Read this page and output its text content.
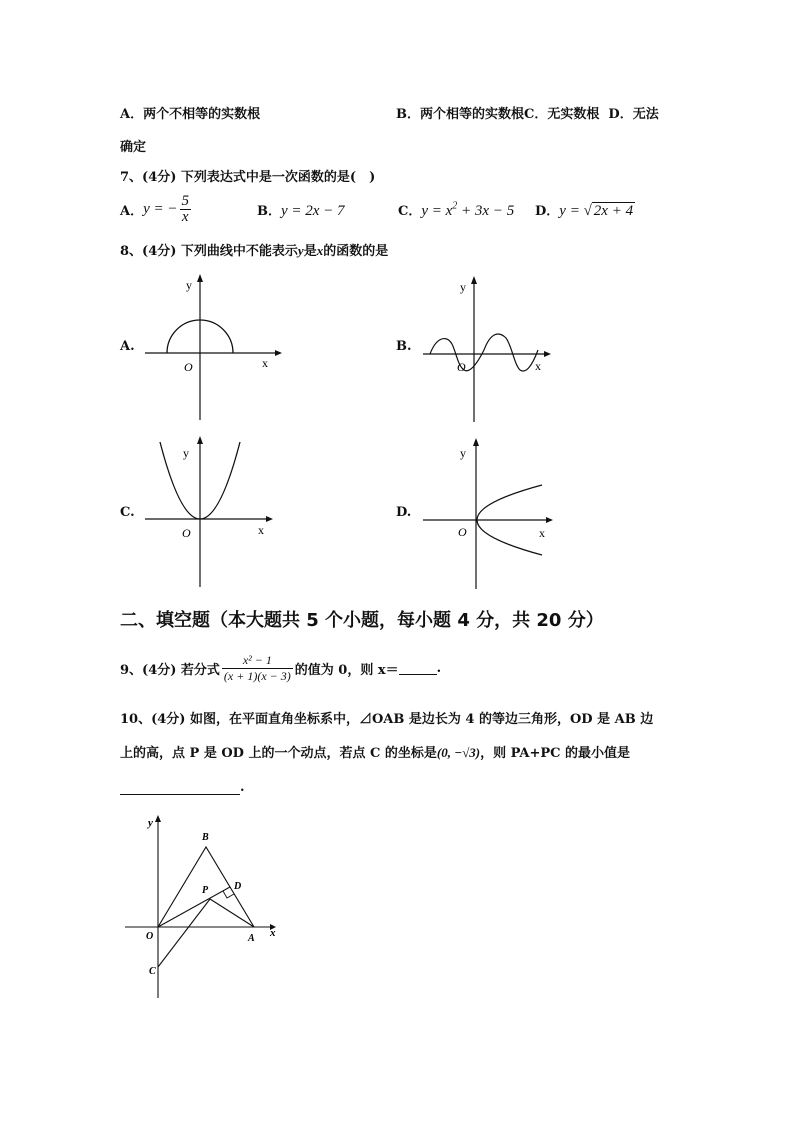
A．两个不相等的实数根	B．两个相等的实数根C．无实数根 D．无法
确定
7、(4分) 下列表达式中是一次函数的是(　)
A． y = − $\frac{5}{x}$	B．y = 2x − 7	C．$y = x^2 + 3x - 5$ D．y = √ 2x + 4
8、(4分) 下列曲线中不能表示y是x的函数的是
A.
x
y
O
B.
x
y
O
C.
x
y
O
D.
x
y
O
二、填空题（本大题共 5 个小题，每小题 4 分，共 20 分）
9、(4分) 若分式 $\frac{\text{x² − 1}}{(x + 1)(x - 3)}$ 的值为 0，则 x＝	.
10、(4分) 如图，在平面直角坐标系中，⊿OAB 是边长为 4 的等边三角形，OD 是 AB 边
上的高，点 P 是 OD 上的一个动点，若点 C 的坐标是(0, −√3)，则 PA+PC 的最小值是
.
y
x
B
D
P
O	A
C
